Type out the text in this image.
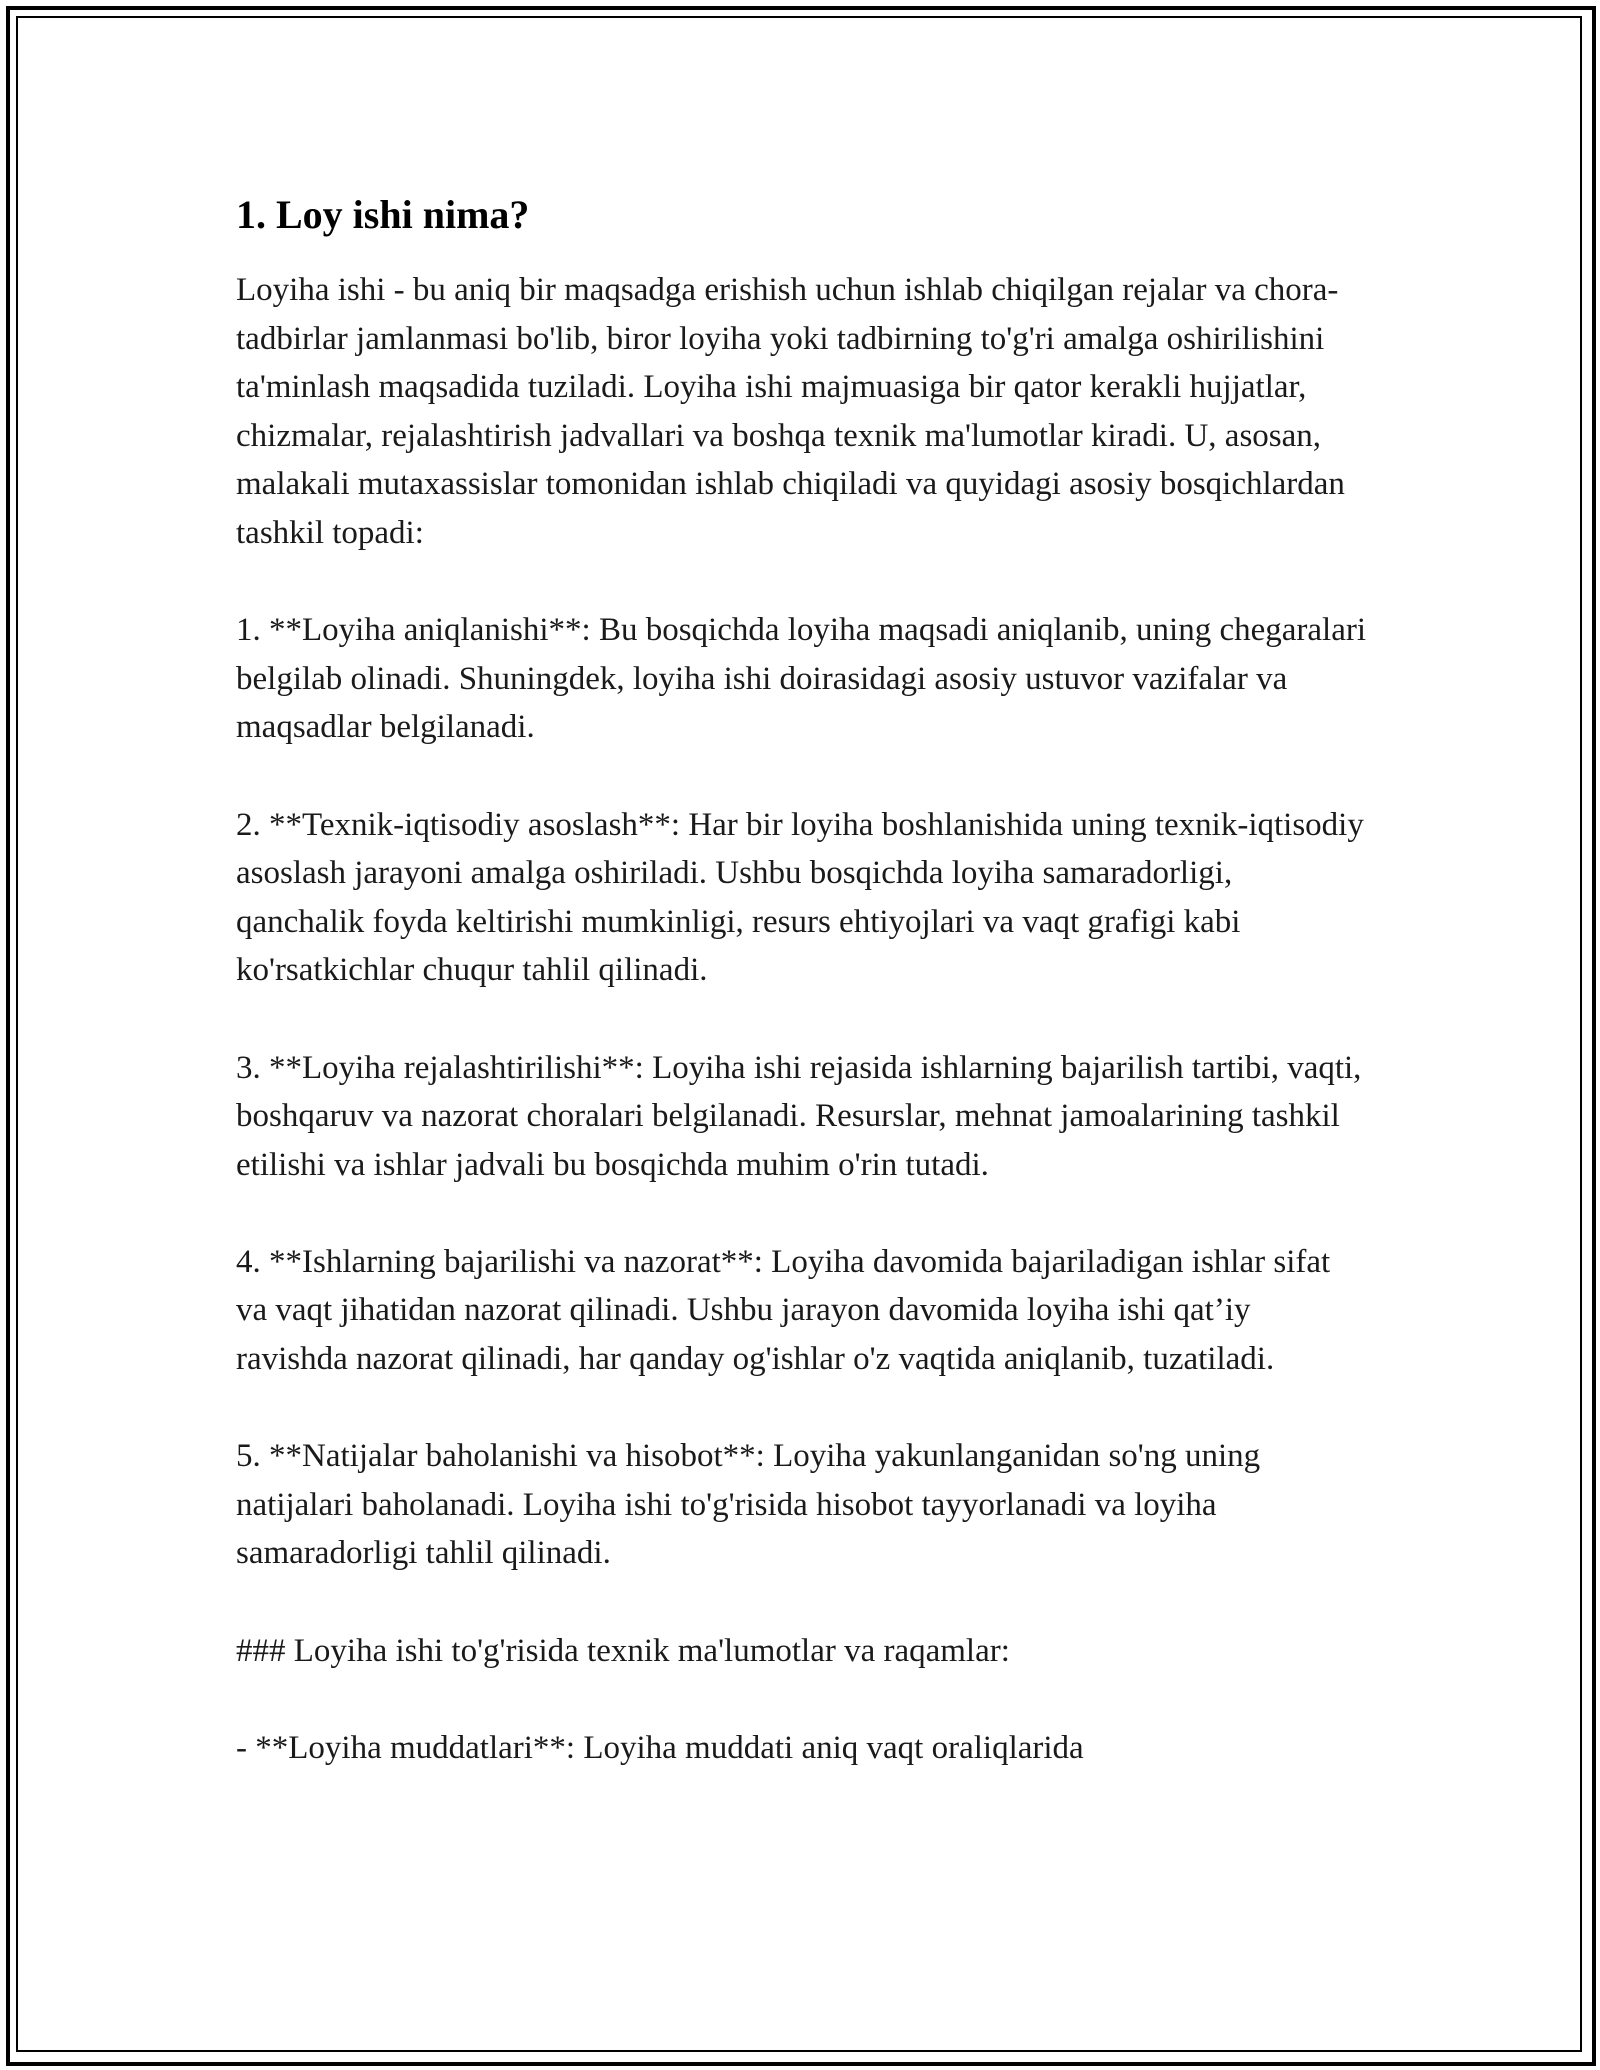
1. Loy ishi nima?

Loyiha ishi - bu aniq bir maqsadga erishish uchun ishlab chiqilgan rejalar va chora-tadbirlar jamlanmasi bo'lib, biror loyiha yoki tadbirning to'g'ri amalga oshirilishini ta'minlash maqsadida tuziladi. Loyiha ishi majmuasiga bir qator kerakli hujjatlar, chizmalar, rejalashtirish jadvallari va boshqa texnik ma'lumotlar kiradi. U, asosan, malakali mutaxassislar tomonidan ishlab chiqiladi va quyidagi asosiy bosqichlardan tashkil topadi:

1. **Loyiha aniqlanishi**: Bu bosqichda loyiha maqsadi aniqlanib, uning chegaralari belgilab olinadi. Shuningdek, loyiha ishi doirasidagi asosiy ustuvor vazifalar va maqsadlar belgilanadi.

2. **Texnik-iqtisodiy asoslash**: Har bir loyiha boshlanishida uning texnik-iqtisodiy asoslash jarayoni amalga oshiriladi. Ushbu bosqichda loyiha samaradorligi, qanchalik foyda keltirishi mumkinligi, resurs ehtiyojlari va vaqt grafigi kabi ko'rsatkichlar chuqur tahlil qilinadi.

3. **Loyiha rejalashtirilishi**: Loyiha ishi rejasida ishlarning bajarilish tartibi, vaqti, boshqaruv va nazorat choralari belgilanadi. Resurslar, mehnat jamoalarining tashkil etilishi va ishlar jadvali bu bosqichda muhim o'rin tutadi.

4. **Ishlarning bajarilishi va nazorat**: Loyiha davomida bajariladigan ishlar sifat va vaqt jihatidan nazorat qilinadi. Ushbu jarayon davomida loyiha ishi qat’iy ravishda nazorat qilinadi, har qanday og'ishlar o'z vaqtida aniqlanib, tuzatiladi.

5. **Natijalar baholanishi va hisobot**: Loyiha yakunlanganidan so'ng uning natijalari baholanadi. Loyiha ishi to'g'risida hisobot tayyorlanadi va loyiha samaradorligi tahlil qilinadi.

### Loyiha ishi to'g'risida texnik ma'lumotlar va raqamlar:

- **Loyiha muddatlari**: Loyiha muddati aniq vaqt oraliqlarida
